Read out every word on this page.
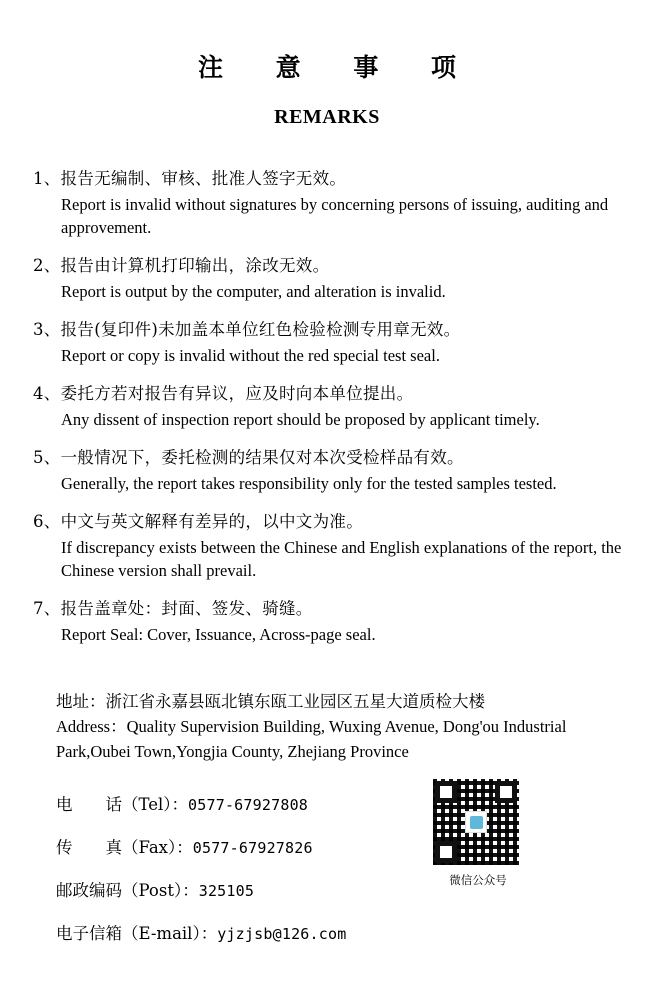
注 意 事 项
REMARKS
1、报告无编制、审核、批准人签字无效。
Report is invalid without signatures by concerning persons of issuing, auditing and approvement.
2、报告由计算机打印输出，涂改无效。
Report is output by the computer, and alteration is invalid.
3、报告(复印件)未加盖本单位红色检验检测专用章无效。
Report or copy is invalid without the red special test seal.
4、委托方若对报告有异议，应及时向本单位提出。
Any dissent of inspection report should be proposed by applicant timely.
5、一般情况下，委托检测的结果仅对本次受检样品有效。
Generally, the report takes responsibility only for the tested samples tested.
6、中文与英文解释有差异的，以中文为准。
If discrepancy exists between the Chinese and English explanations of the report, the Chinese version shall prevail.
7、报告盖章处：封面、签发、骑缝。
Report Seal: Cover, Issuance, Across-page seal.
地址：浙江省永嘉县瓯北镇东瓯工业园区五星大道质检大楼
Address：Quality Supervision Building, Wuxing Avenue, Dong'ou Industrial Park,Oubei Town,Yongjia County, Zhejiang Province
电　　话（Tel）：0577-67927808
传　　真（Fax）：0577-67927826
邮政编码（Post）：325105
电子信箱（E-mail）：yjzjsb@126.com
微信公众号
